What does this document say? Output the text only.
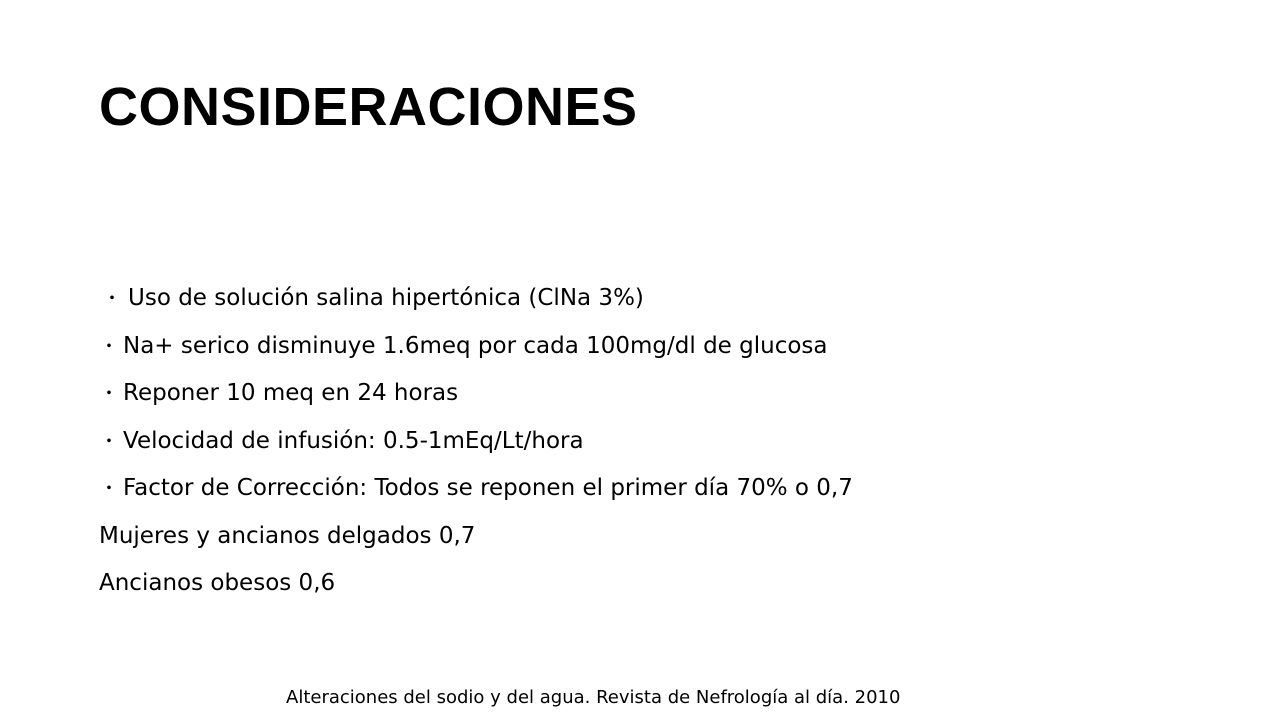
CONSIDERACIONES
・ Uso de solución salina hipertónica (ClNa 3%)
・ Na+ serico disminuye 1.6meq por cada 100mg/dl de glucosa
・ Reponer 10 meq en 24 horas
・ Velocidad de infusión: 0.5-1mEq/Lt/hora
・ Factor de Corrección: Todos se reponen el primer día 70% o 0,7
Mujeres y ancianos delgados 0,7
Ancianos obesos 0,6

Alteraciones del sodio y del agua. Revista de Nefrología al día. 2010
